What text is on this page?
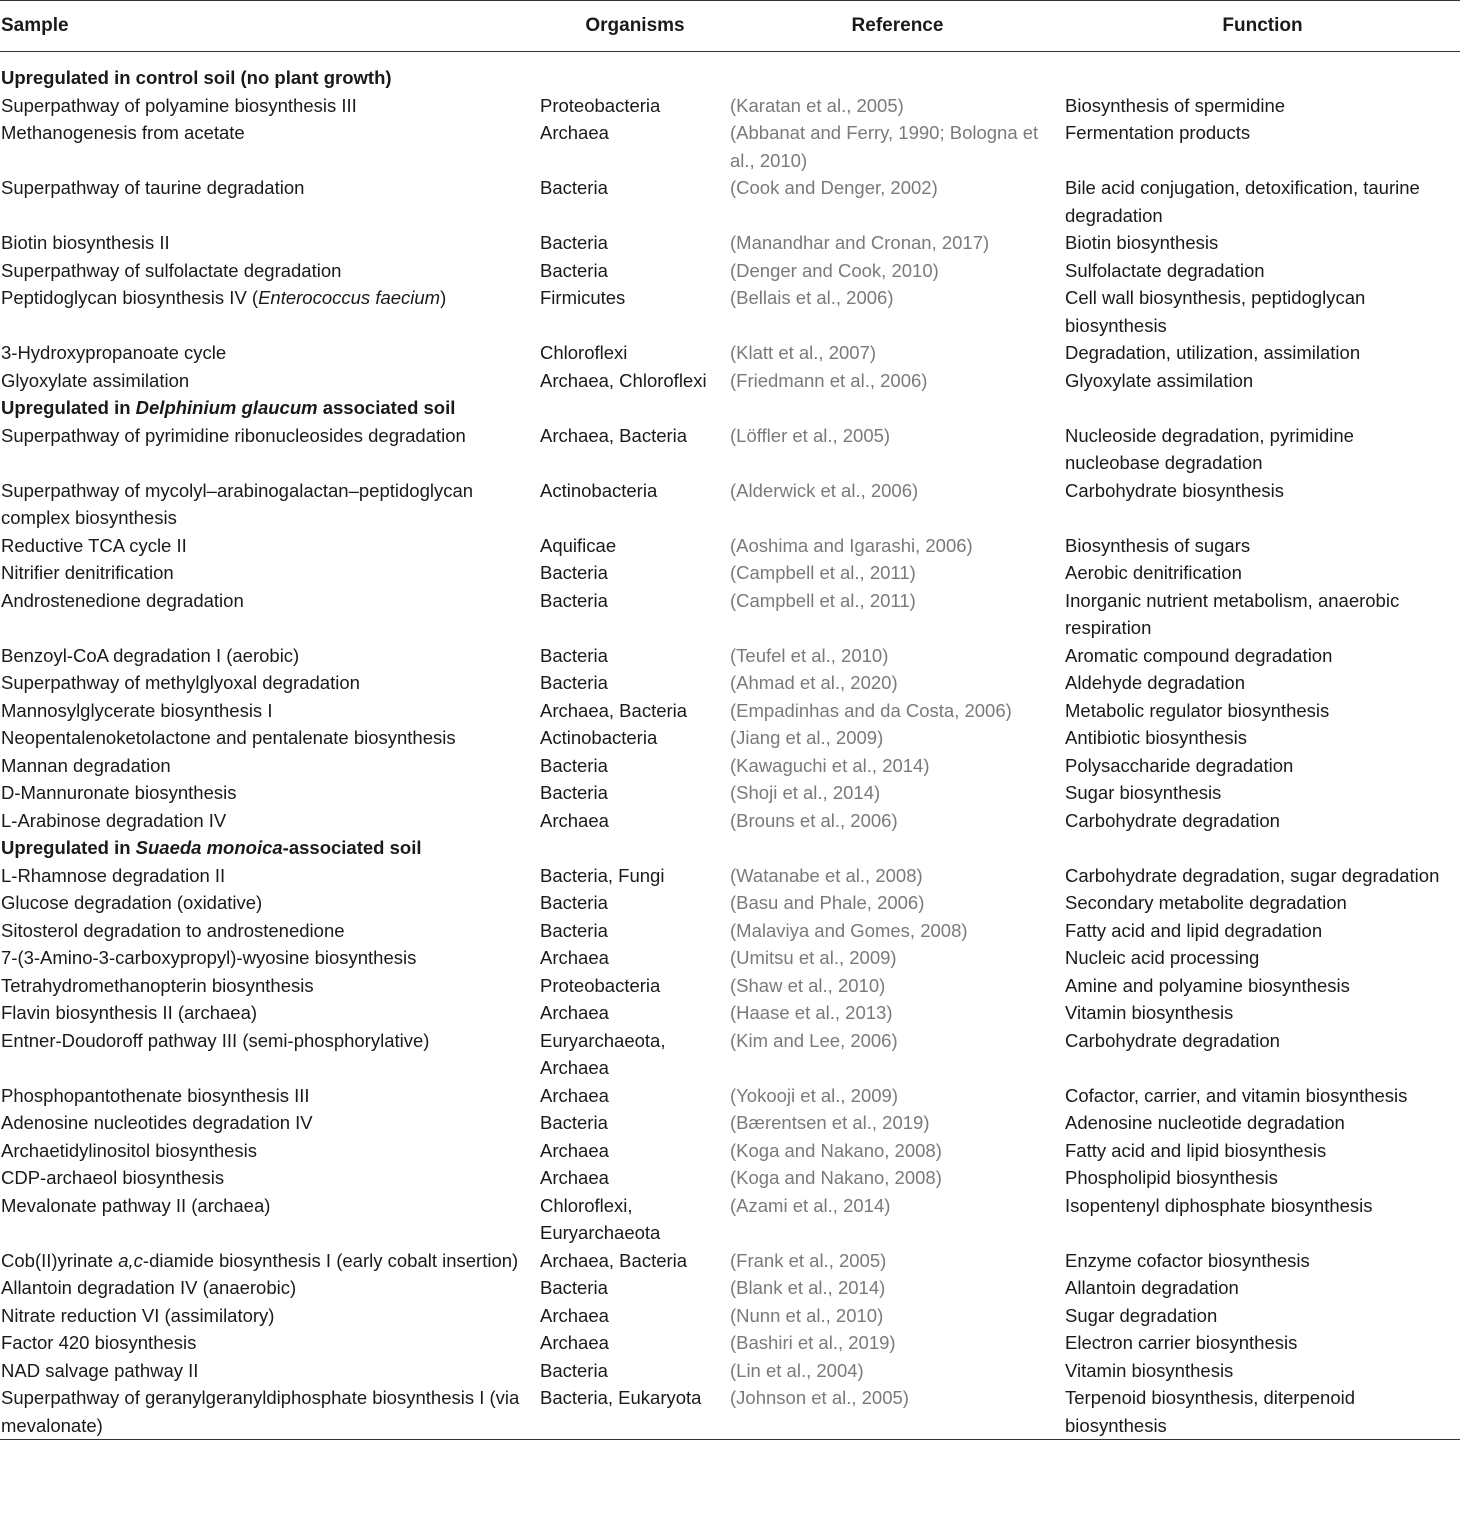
Sample	Organisms	Reference	Function
Upregulated in control soil (no plant growth)			
Superpathway of polyamine biosynthesis III	Proteobacteria	(Karatan et al., 2005)	Biosynthesis of spermidine
Methanogenesis from acetate	Archaea	(Abbanat and Ferry, 1990; Bologna et al., 2010)	Fermentation products
Superpathway of taurine degradation	Bacteria	(Cook and Denger, 2002)	Bile acid conjugation, detoxification, taurine degradation
Biotin biosynthesis II	Bacteria	(Manandhar and Cronan, 2017)	Biotin biosynthesis
Superpathway of sulfolactate degradation	Bacteria	(Denger and Cook, 2010)	Sulfolactate degradation
Peptidoglycan biosynthesis IV (Enterococcus faecium)	Firmicutes	(Bellais et al., 2006)	Cell wall biosynthesis, peptidoglycan biosynthesis
3-Hydroxypropanoate cycle	Chloroflexi	(Klatt et al., 2007)	Degradation, utilization, assimilation
Glyoxylate assimilation	Archaea, Chloroflexi	(Friedmann et al., 2006)	Glyoxylate assimilation
Upregulated in Delphinium glaucum associated soil			
Superpathway of pyrimidine ribonucleosides degradation	Archaea, Bacteria	(Löffler et al., 2005)	Nucleoside degradation, pyrimidine nucleobase degradation
Superpathway of mycolyl–arabinogalactan–peptidoglycan complex biosynthesis	Actinobacteria	(Alderwick et al., 2006)	Carbohydrate biosynthesis
Reductive TCA cycle II	Aquificae	(Aoshima and Igarashi, 2006)	Biosynthesis of sugars
Nitrifier denitrification	Bacteria	(Campbell et al., 2011)	Aerobic denitrification
Androstenedione degradation	Bacteria	(Campbell et al., 2011)	Inorganic nutrient metabolism, anaerobic respiration
Benzoyl-CoA degradation I (aerobic)	Bacteria	(Teufel et al., 2010)	Aromatic compound degradation
Superpathway of methylglyoxal degradation	Bacteria	(Ahmad et al., 2020)	Aldehyde degradation
Mannosylglycerate biosynthesis I	Archaea, Bacteria	(Empadinhas and da Costa, 2006)	Metabolic regulator biosynthesis
Neopentalenoketolactone and pentalenate biosynthesis	Actinobacteria	(Jiang et al., 2009)	Antibiotic biosynthesis
Mannan degradation	Bacteria	(Kawaguchi et al., 2014)	Polysaccharide degradation
D-Mannuronate biosynthesis	Bacteria	(Shoji et al., 2014)	Sugar biosynthesis
L-Arabinose degradation IV	Archaea	(Brouns et al., 2006)	Carbohydrate degradation
Upregulated in Suaeda monoica-associated soil			
L-Rhamnose degradation II	Bacteria, Fungi	(Watanabe et al., 2008)	Carbohydrate degradation, sugar degradation
Glucose degradation (oxidative)	Bacteria	(Basu and Phale, 2006)	Secondary metabolite degradation
Sitosterol degradation to androstenedione	Bacteria	(Malaviya and Gomes, 2008)	Fatty acid and lipid degradation
7-(3-Amino-3-carboxypropyl)-wyosine biosynthesis	Archaea	(Umitsu et al., 2009)	Nucleic acid processing
Tetrahydromethanopterin biosynthesis	Proteobacteria	(Shaw et al., 2010)	Amine and polyamine biosynthesis
Flavin biosynthesis II (archaea)	Archaea	(Haase et al., 2013)	Vitamin biosynthesis
Entner-Doudoroff pathway III (semi-phosphorylative)	Euryarchaeota, Archaea	(Kim and Lee, 2006)	Carbohydrate degradation
Phosphopantothenate biosynthesis III	Archaea	(Yokooji et al., 2009)	Cofactor, carrier, and vitamin biosynthesis
Adenosine nucleotides degradation IV	Bacteria	(Bærentsen et al., 2019)	Adenosine nucleotide degradation
Archaetidylinositol biosynthesis	Archaea	(Koga and Nakano, 2008)	Fatty acid and lipid biosynthesis
CDP-archaeol biosynthesis	Archaea	(Koga and Nakano, 2008)	Phospholipid biosynthesis
Mevalonate pathway II (archaea)	Chloroflexi, Euryarchaeota	(Azami et al., 2014)	Isopentenyl diphosphate biosynthesis
Cob(II)yrinate a,c-diamide biosynthesis I (early cobalt insertion)	Archaea, Bacteria	(Frank et al., 2005)	Enzyme cofactor biosynthesis
Allantoin degradation IV (anaerobic)	Bacteria	(Blank et al., 2014)	Allantoin degradation
Nitrate reduction VI (assimilatory)	Archaea	(Nunn et al., 2010)	Sugar degradation
Factor 420 biosynthesis	Archaea	(Bashiri et al., 2019)	Electron carrier biosynthesis
NAD salvage pathway II	Bacteria	(Lin et al., 2004)	Vitamin biosynthesis
Superpathway of geranylgeranyldiphosphate biosynthesis I (via mevalonate)	Bacteria, Eukaryota	(Johnson et al., 2005)	Terpenoid biosynthesis, diterpenoid biosynthesis
